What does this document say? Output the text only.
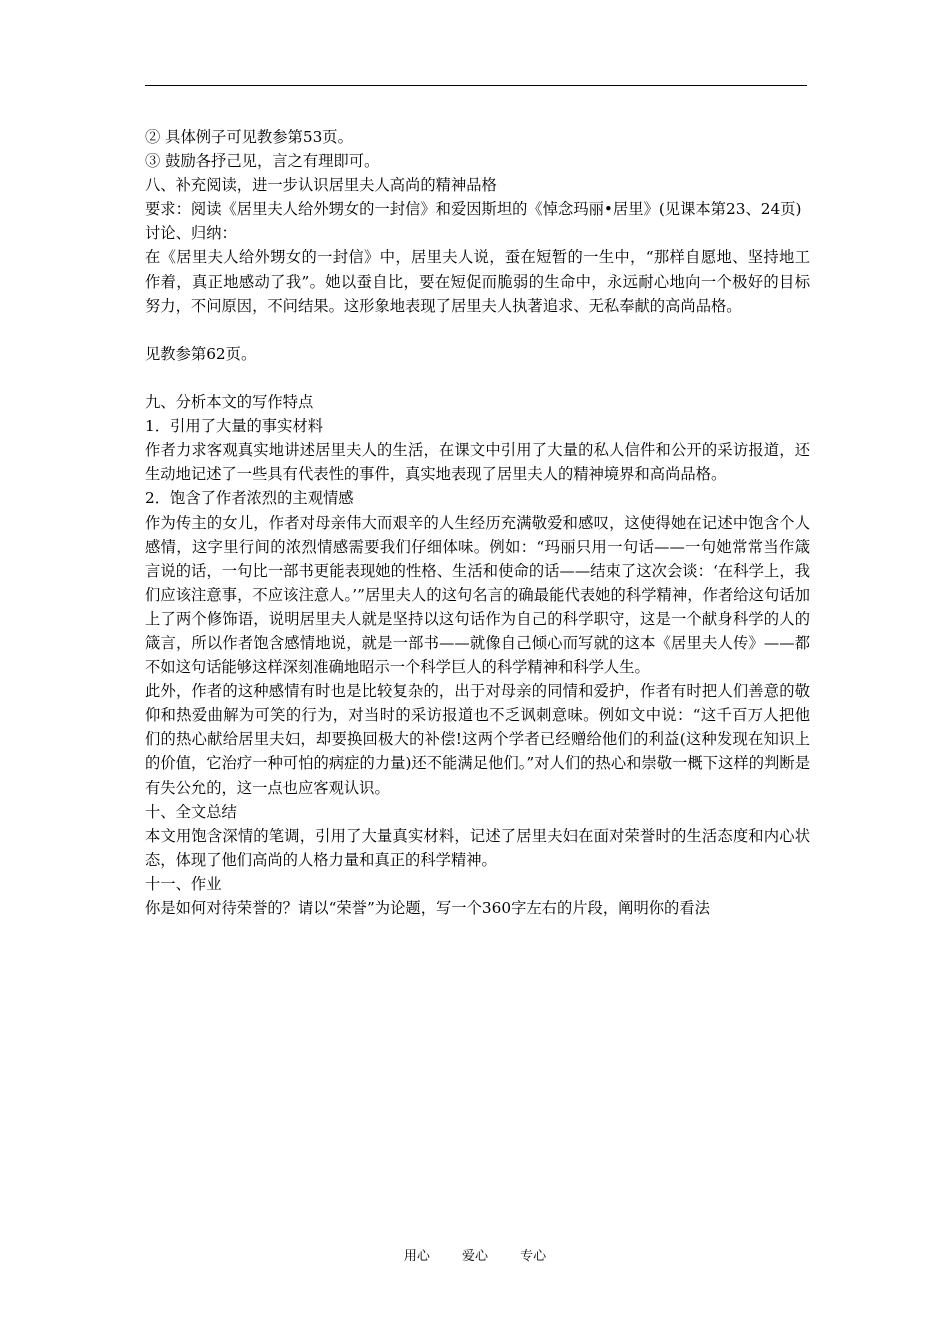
② 具体例子可见教参第53页。

③ 鼓励各抒己见，言之有理即可。

八、补充阅读，进一步认识居里夫人高尚的精神品格

要求：阅读《居里夫人给外甥女的一封信》和爱因斯坦的《悼念玛丽•居里》(见课本第23、24页)

讨论、归纳：

在《居里夫人给外甥女的一封信》中，居里夫人说，蚕在短暂的一生中，“那样自愿地、坚持地工作着，真正地感动了我”。她以蚕自比，要在短促而脆弱的生命中，永远耐心地向一个极好的目标努力，不问原因，不问结果。这形象地表现了居里夫人执著追求、无私奉献的高尚品格。

见教参第62页。

九、分析本文的写作特点

1．引用了大量的事实材料

作者力求客观真实地讲述居里夫人的生活，在课文中引用了大量的私人信件和公开的采访报道，还生动地记述了一些具有代表性的事件，真实地表现了居里夫人的精神境界和高尚品格。

2．饱含了作者浓烈的主观情感

作为传主的女儿，作者对母亲伟大而艰辛的人生经历充满敬爱和感叹，这使得她在记述中饱含个人感情，这字里行间的浓烈情感需要我们仔细体味。例如：“玛丽只用一句话——一句她常常当作箴言说的话，一句比一部书更能表现她的性格、生活和使命的话——结束了这次会谈：‘在科学上，我们应该注意事，不应该注意人。’”居里夫人的这句名言的确最能代表她的科学精神，作者给这句话加上了两个修饰语，说明居里夫人就是坚持以这句话作为自己的科学职守，这是一个献身科学的人的箴言，所以作者饱含感情地说，就是一部书——就像自己倾心而写就的这本《居里夫人传》——都不如这句话能够这样深刻准确地昭示一个科学巨人的科学精神和科学人生。

此外，作者的这种感情有时也是比较复杂的，出于对母亲的同情和爱护，作者有时把人们善意的敬仰和热爱曲解为可笑的行为，对当时的采访报道也不乏讽刺意味。例如文中说：“这千百万人把他们的热心献给居里夫妇，却要换回极大的补偿!这两个学者已经赠给他们的利益(这种发现在知识上的价值，它治疗一种可怕的病症的力量)还不能满足他们。”对人们的热心和崇敬一概下这样的判断是有失公允的，这一点也应客观认识。

十、全文总结

本文用饱含深情的笔调，引用了大量真实材料，记述了居里夫妇在面对荣誉时的生活态度和内心状态，体现了他们高尚的人格力量和真正的科学精神。

十一、作业

你是如何对待荣誉的？请以“荣誉”为论题，写一个360字左右的片段，阐明你的看法

用心 爱心 专心
